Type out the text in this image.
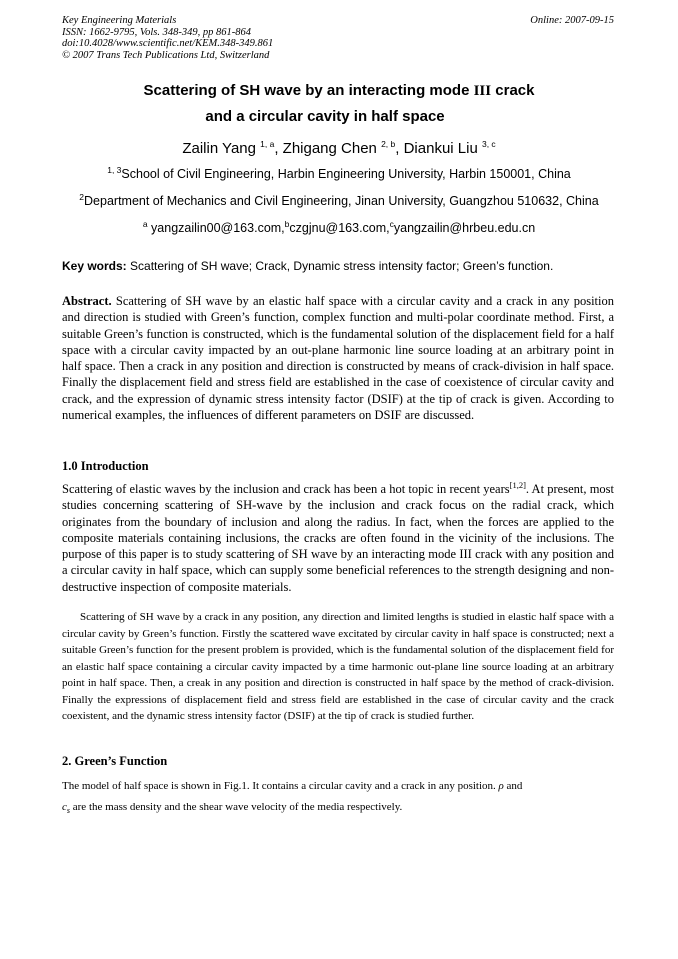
Key Engineering Materials
ISSN: 1662-9795, Vols. 348-349, pp 861-864
doi:10.4028/www.scientific.net/KEM.348-349.861
© 2007 Trans Tech Publications Ltd, Switzerland
Online: 2007-09-15
Scattering of SH wave by an interacting mode III crack
and a circular cavity in half space
Zailin Yang $^{1, a}$, Zhigang Chen $^{2, b}$, Diankui Liu $^{3, c}$
$^{1, 3}$School of Civil Engineering, Harbin Engineering University, Harbin 150001, China
$^2$Department of Mechanics and Civil Engineering, Jinan University, Guangzhou 510632, China
$^a$ yangzailin00@163.com,$^b$czgjnu@163.com,$^c$yangzailin@hrbeu.edu.cn
Key words: Scattering of SH wave; Crack, Dynamic stress intensity factor; Green’s function.
Abstract. Scattering of SH wave by an elastic half space with a circular cavity and a crack in any position and direction is studied with Green’s function, complex function and multi-polar coordinate method. First, a suitable Green’s function is constructed, which is the fundamental solution of the displacement field for a half space with a circular cavity impacted by an out-plane harmonic line source loading at an arbitrary point in half space. Then a crack in any position and direction is constructed by means of crack-division in half space. Finally the displacement field and stress field are established in the case of coexistence of circular cavity and crack, and the expression of dynamic stress intensity factor (DSIF) at the tip of crack is given. According to numerical examples, the influences of different parameters on DSIF are discussed.
1.0 Introduction
Scattering of elastic waves by the inclusion and crack has been a hot topic in recent years[1,2]. At present, most studies concerning scattering of SH-wave by the inclusion and crack focus on the radial crack, which originates from the boundary of inclusion and along the radius. In fact, when the forces are applied to the composite materials containing inclusions, the cracks are often found in the vicinity of the inclusions. The purpose of this paper is to study scattering of SH wave by an interacting mode III crack with any position and a circular cavity in half space, which can supply some beneficial references to the strength designing and non-destructive inspection of composite materials.
Scattering of SH wave by a crack in any position, any direction and limited lengths is studied in elastic half space with a circular cavity by Green’s function. Firstly the scattered wave excitated by circular cavity in half space is constructed; next a suitable Green’s function for the present problem is provided, which is the fundamental solution of the displacement field for an elastic half space containing a circular cavity impacted by a time harmonic out-plane line source loading at an arbitrary point in half space. Then, a creak in any position and direction is constructed in half space by the method of crack-division. Finally the expressions of displacement field and stress field are established in the case of circular cavity and the crack coexistent, and the dynamic stress intensity factor (DSIF) at the tip of crack is studied further.
2. Green’s Function
The model of half space is shown in Fig.1. It contains a circular cavity and a crack in any position. ρ and
$c_s$ are the mass density and the shear wave velocity of the media respectively.
